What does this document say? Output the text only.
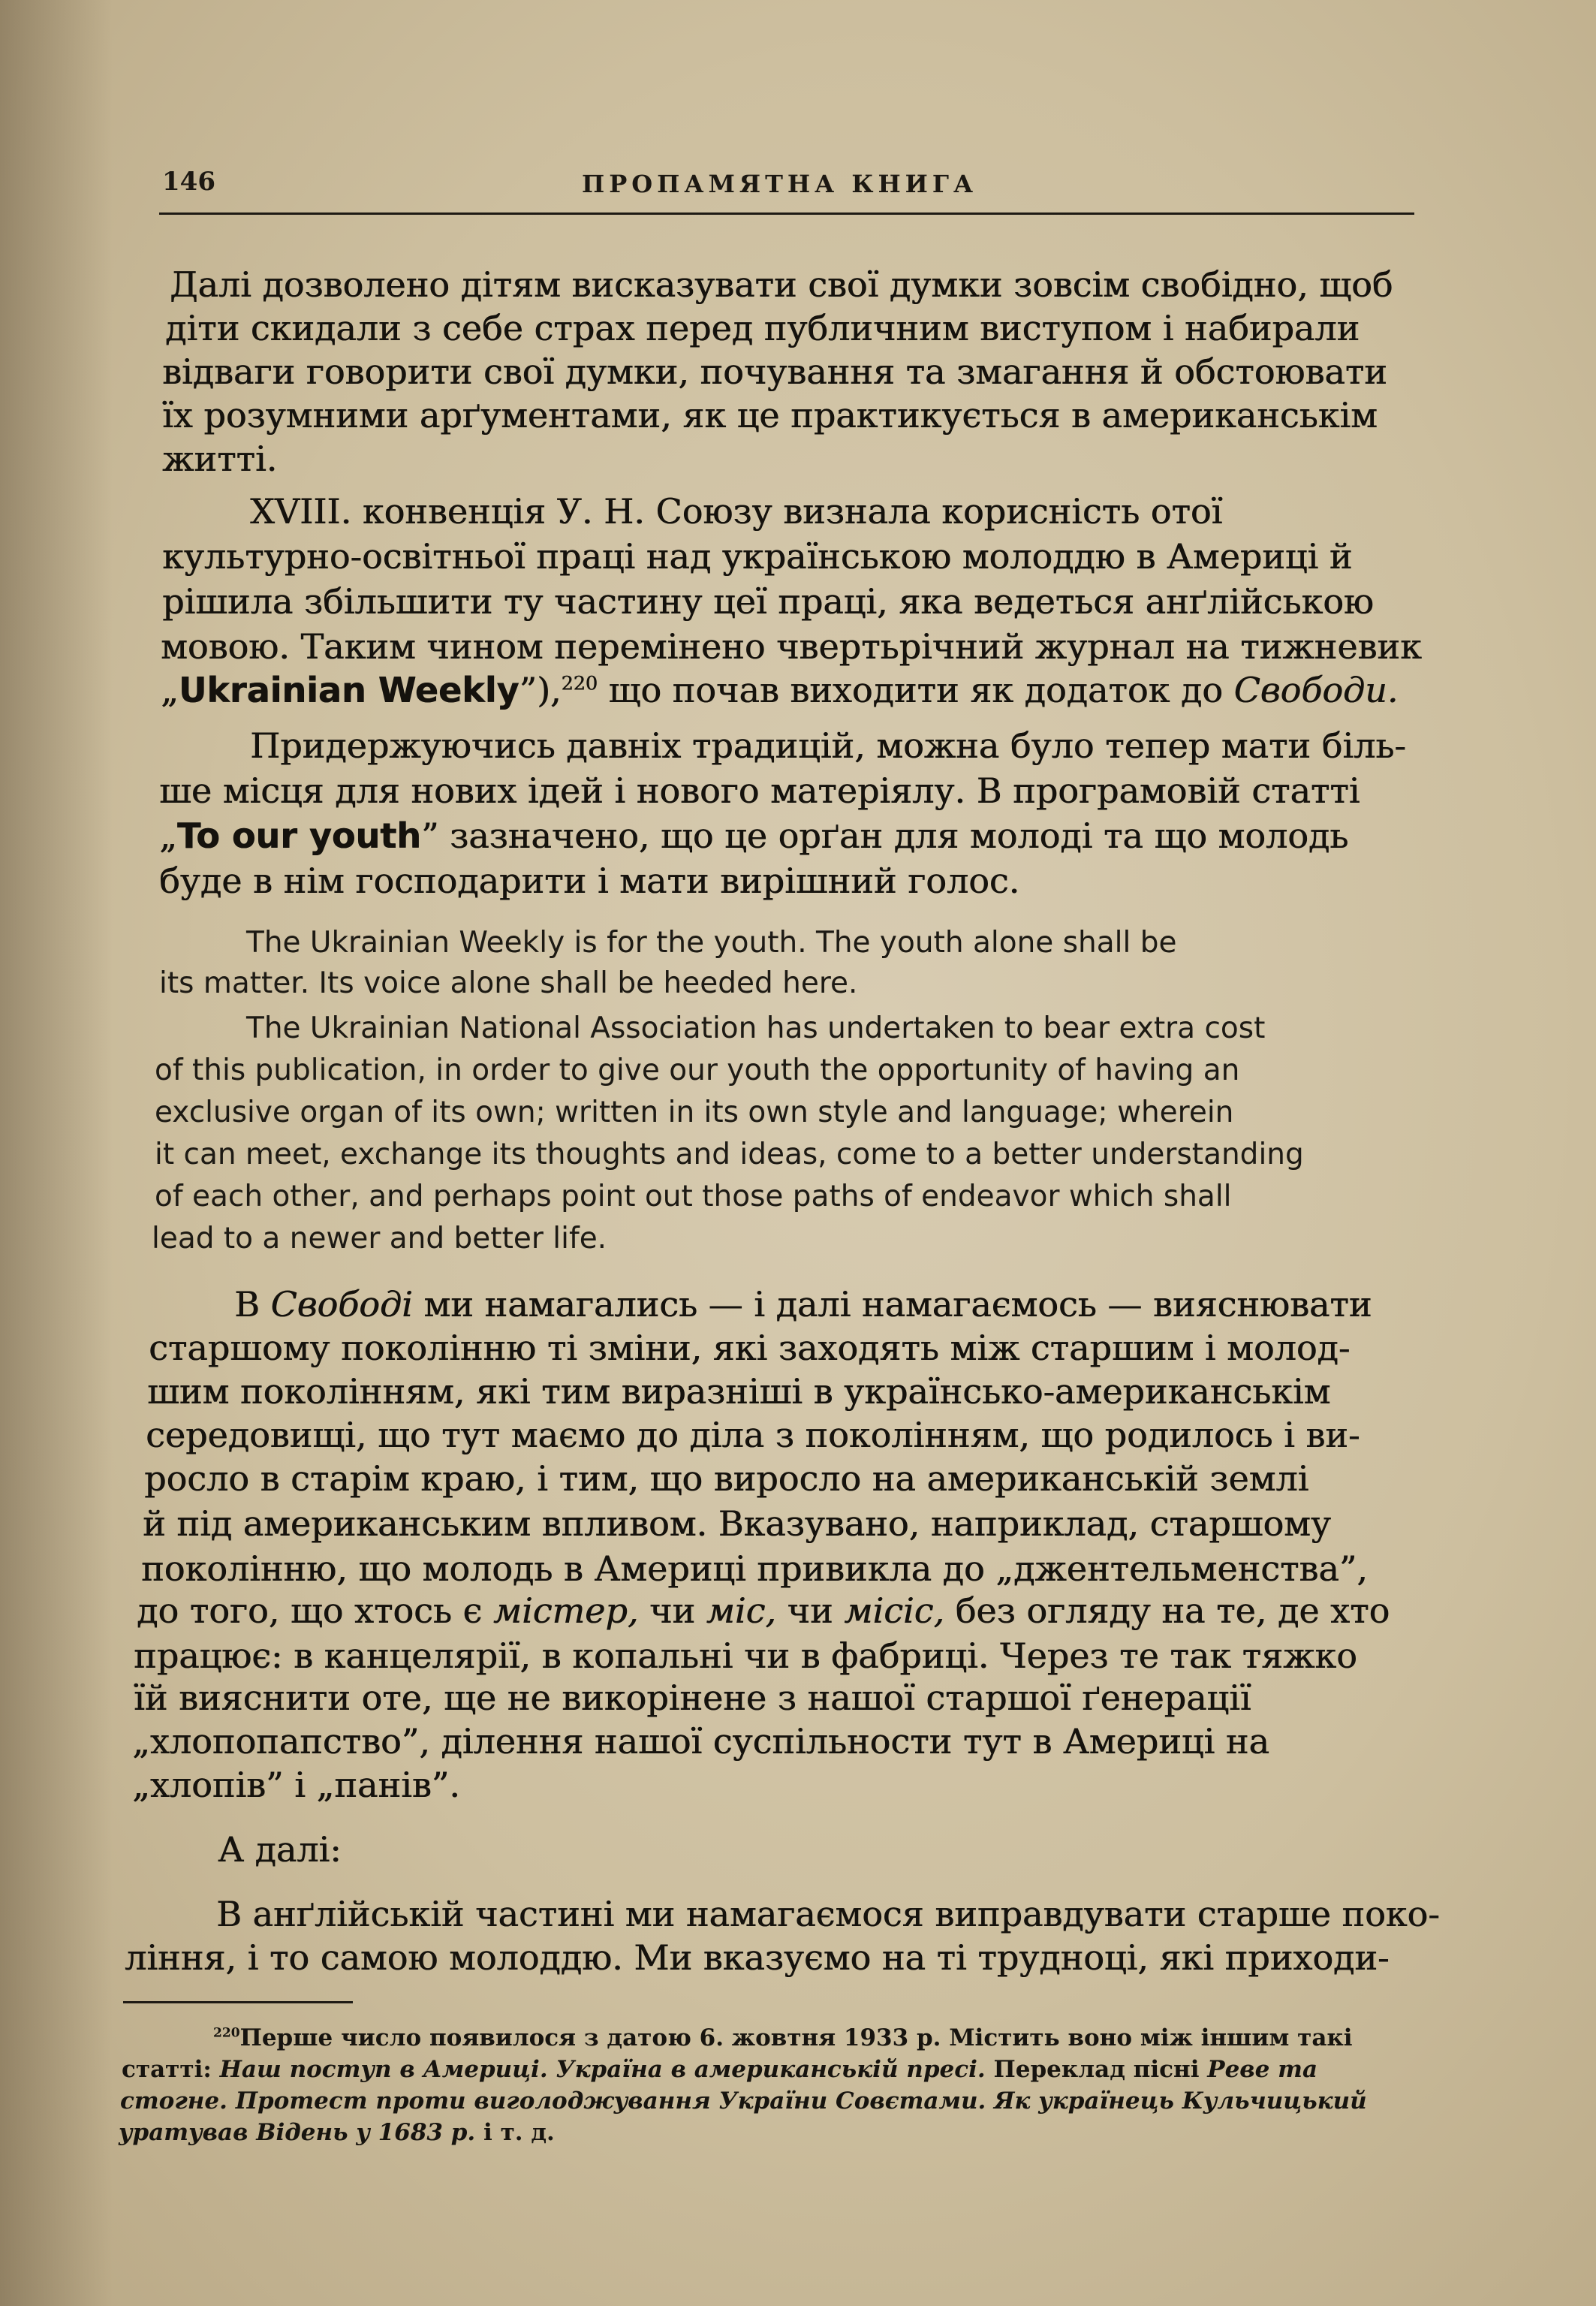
146	ПРОПАМЯТНА КНИГА
Далі дозволено дітям висказувати свої думки зовсім свобідно, щоб
діти скидали з себе страх перед публичним виступом і набирали
відваги говорити свої думки, почування та змагання й обстоювати
їх розумними арґументами, як це практикується в американськім
житті.
XVIII. конвенція У. Н. Союзу визнала корисність отої
культурно-освітньої праці над українською молоддю в Америці й
рішила збільшити ту частину цеї праці, яка ведеться анґлійською
мовою. Таким чином перемінено чвертьрічний журнал на тижневик
„Ukrainian Weekly”),$^{220}$ що почав виходити як додаток до Свободи.
Придержуючись давніх традицій, можна було тепер мати біль-
ше місця для нових ідей і нового матеріялу. В програмовій статті
„To our youth” зазначено, що це орґан для молоді та що молодь
буде в нім господарити і мати вирішний голос.
The Ukrainian Weekly is for the youth. The youth alone shall be
its matter. Its voice alone shall be heeded here.
The Ukrainian National Association has undertaken to bear extra cost
of this publication, in order to give our youth the opportunity of having an
exclusive organ of its own; written in its own style and language; wherein
it can meet, exchange its thoughts and ideas, come to a better understanding
of each other, and perhaps point out those paths of endeavor which shall
lead to a newer and better life.
В Свободі ми намагались — і далі намагаємось — вияснювати
старшому поколінню ті зміни, які заходять між старшим і молод-
шим поколінням, які тим виразніші в українсько-американськім
середовищі, що тут маємо до діла з поколінням, що родилось і ви-
росло в старім краю, і тим, що виросло на американській землі
й під американським впливом. Вказувано, наприклад, старшому
поколінню, що молодь в Америці привикла до „джентельменства”,
до того, що хтось є містер, чи міс, чи місіс, без огляду на те, де хто
працює: в канцелярії, в копальні чи в фабриці. Через те так тяжко
їй вияснити оте, ще не викорінене з нашої старшої ґенерації
„хлопопапство”, ділення нашої суспільности тут в Америці на
„хлопів” і „панів”.
А далі:
В анґлійській частині ми намагаємося виправдувати старше поко-
ління, і то самою молоддю. Ми вказуємо на ті трудноці, які приходи-
$^{220}$Перше число появилося з датою 6. жовтня 1933 р. Містить воно між іншим такі
статті: Наш поступ в Америці. Україна в американській пресі. Переклад пісні Реве та
стогне. Протест проти виголоджування України Совєтами. Як українець Кульчицький
уратував Відень у 1683 р. і т. д.
